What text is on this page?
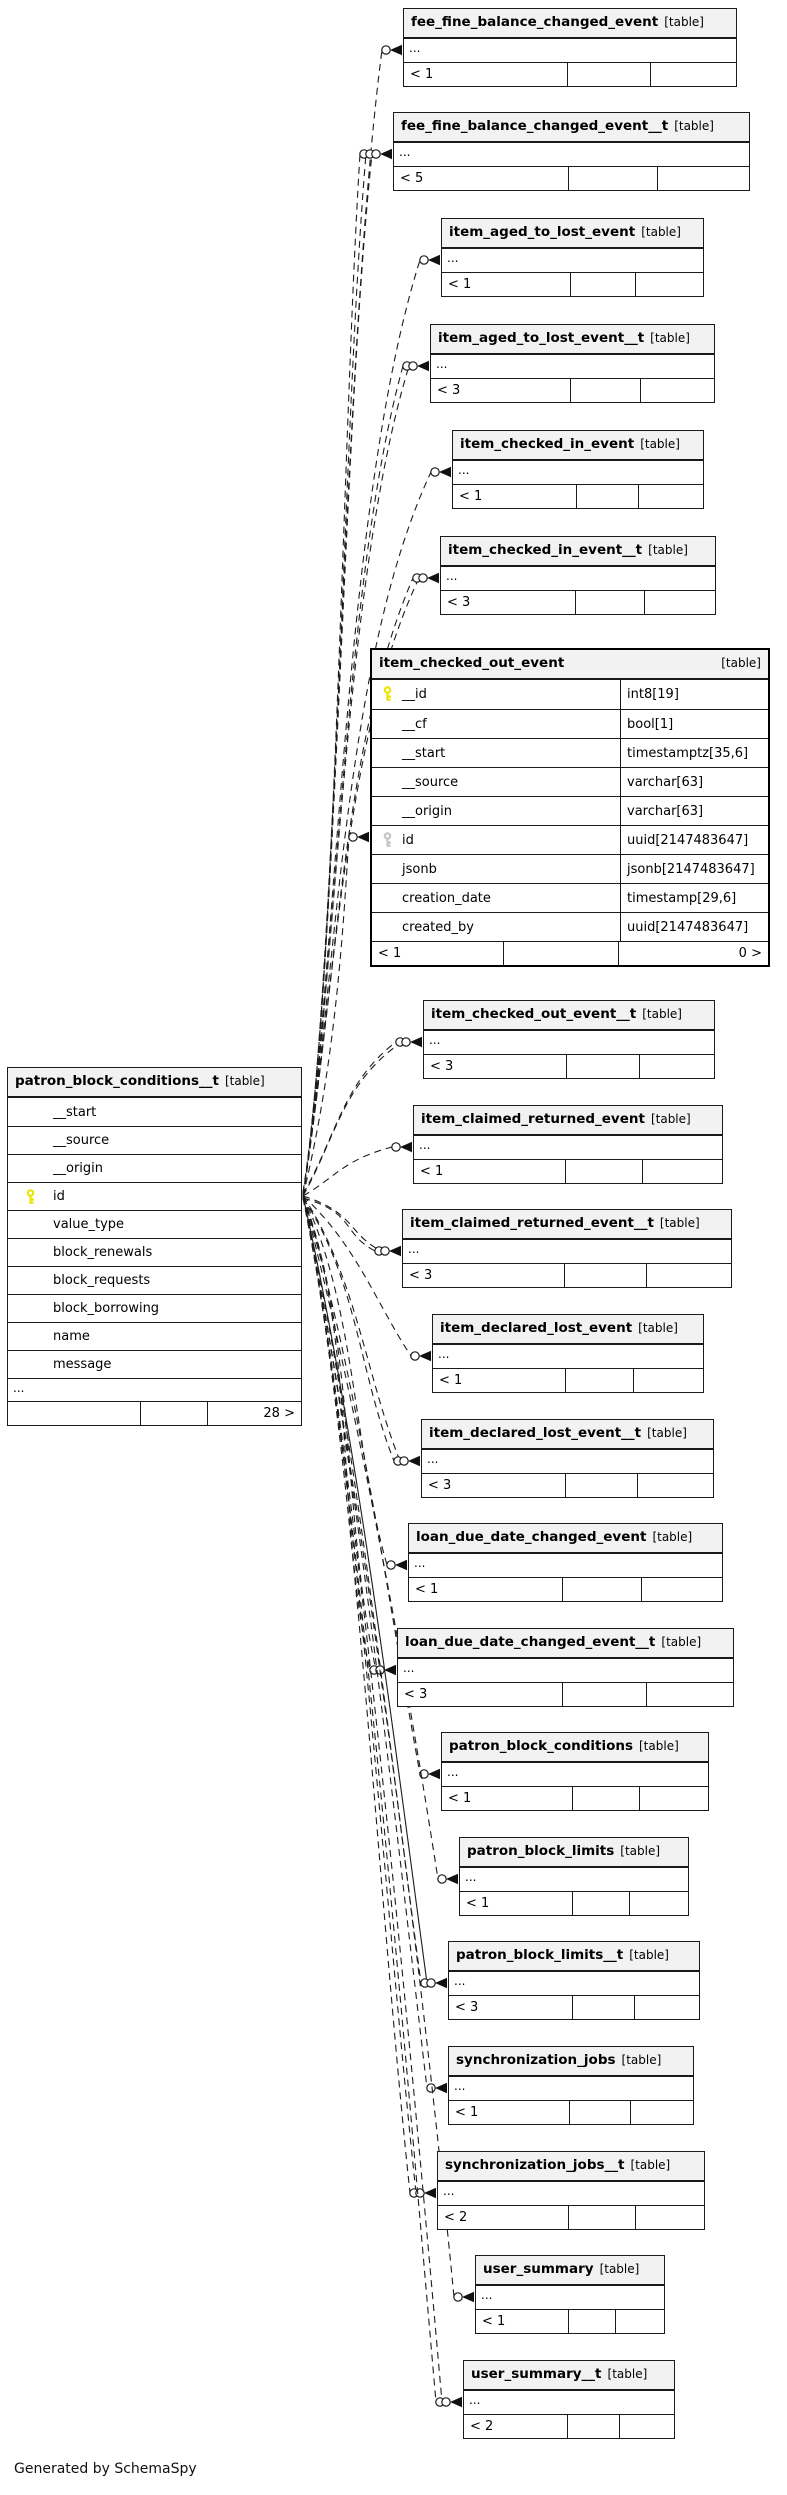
patron_block_conditions__t [table]
__start
__source
__origin
id
value_type
block_renewals
block_requests
block_borrowing
name
message
...
28 >
item_checked_out_event	[table]
__id	int8[19]
__cf	bool[1]
__start	timestamptz[35,6]
__source	varchar[63]
__origin	varchar[63]
id	uuid[2147483647]
jsonb	jsonb[2147483647]
creation_date	timestamp[29,6]
created_by	uuid[2147483647]
< 1	0 >
fee_fine_balance_changed_event [table]
...
< 1
fee_fine_balance_changed_event__t [table]
...
< 5
item_aged_to_lost_event [table]
...
< 1
item_aged_to_lost_event__t [table]
...
< 3
item_checked_in_event [table]
...
< 1
item_checked_in_event__t [table]
...
< 3
item_checked_out_event__t [table]
...
< 3
item_claimed_returned_event [table]
...
< 1
item_claimed_returned_event__t [table]
...
< 3
item_declared_lost_event [table]
...
< 1
item_declared_lost_event__t [table]
...
< 3
loan_due_date_changed_event [table]
...
< 1
loan_due_date_changed_event__t [table]
...
< 3
patron_block_conditions [table]
...
< 1
patron_block_limits [table]
...
< 1
patron_block_limits__t [table]
...
< 3
synchronization_jobs [table]
...
< 1
synchronization_jobs__t [table]
...
< 2
user_summary [table]
...
< 1
user_summary__t [table]
...
< 2
Generated by SchemaSpy
